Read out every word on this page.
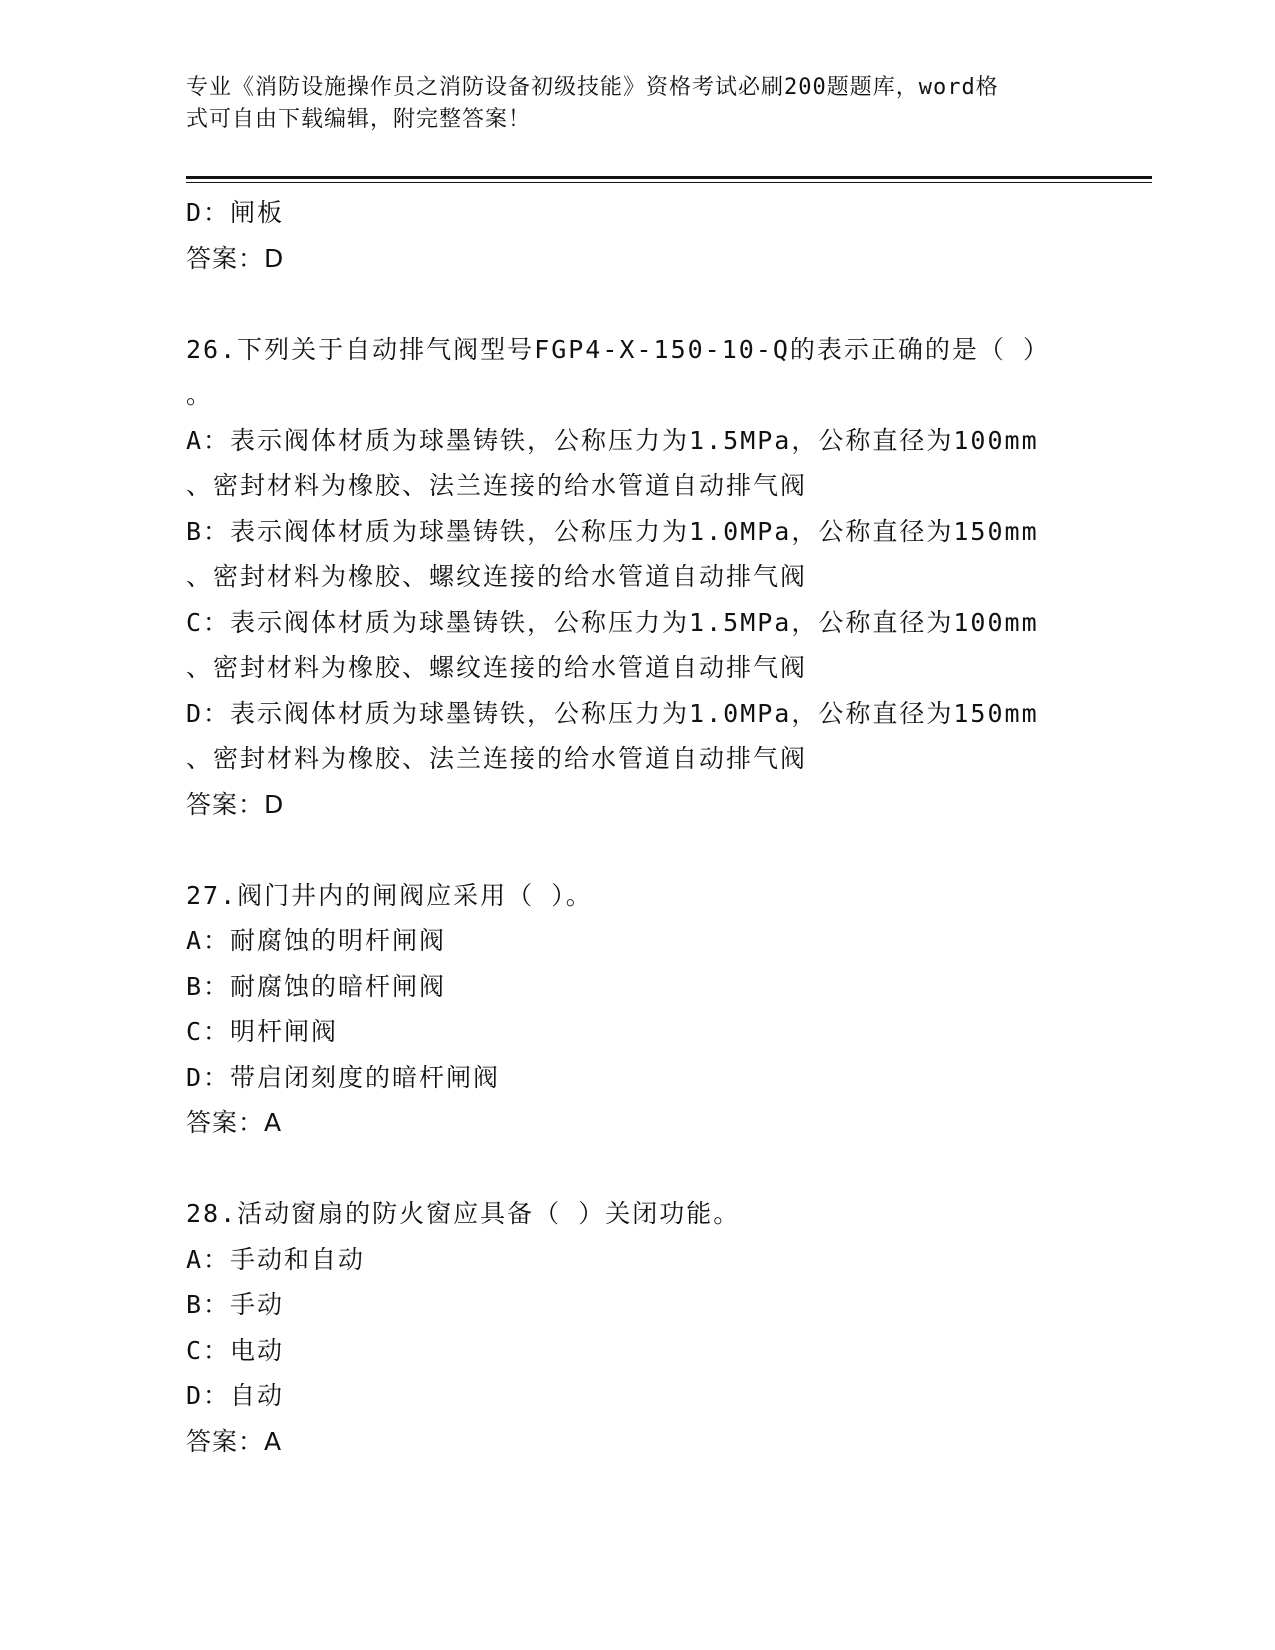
专业《消防设施操作员之消防设备初级技能》资格考试必刷200题题库，word格
式可自由下载编辑，附完整答案！
D：闸板
答案：D
26.下列关于自动排气阀型号FGP4-X-150-10-Q的表示正确的是（ ）
。
A：表示阀体材质为球墨铸铁，公称压力为1.5MPa，公称直径为100mm
、密封材料为橡胶、法兰连接的给水管道自动排气阀
B：表示阀体材质为球墨铸铁，公称压力为1.0MPa，公称直径为150mm
、密封材料为橡胶、螺纹连接的给水管道自动排气阀
C：表示阀体材质为球墨铸铁，公称压力为1.5MPa，公称直径为100mm
、密封材料为橡胶、螺纹连接的给水管道自动排气阀
D：表示阀体材质为球墨铸铁，公称压力为1.0MPa，公称直径为150mm
、密封材料为橡胶、法兰连接的给水管道自动排气阀
答案：D
27.阀门井内的闸阀应采用（ ）。
A：耐腐蚀的明杆闸阀
B：耐腐蚀的暗杆闸阀
C：明杆闸阀
D：带启闭刻度的暗杆闸阀
答案：A
28.活动窗扇的防火窗应具备（ ）关闭功能。
A：手动和自动
B：手动
C：电动
D：自动
答案：A
